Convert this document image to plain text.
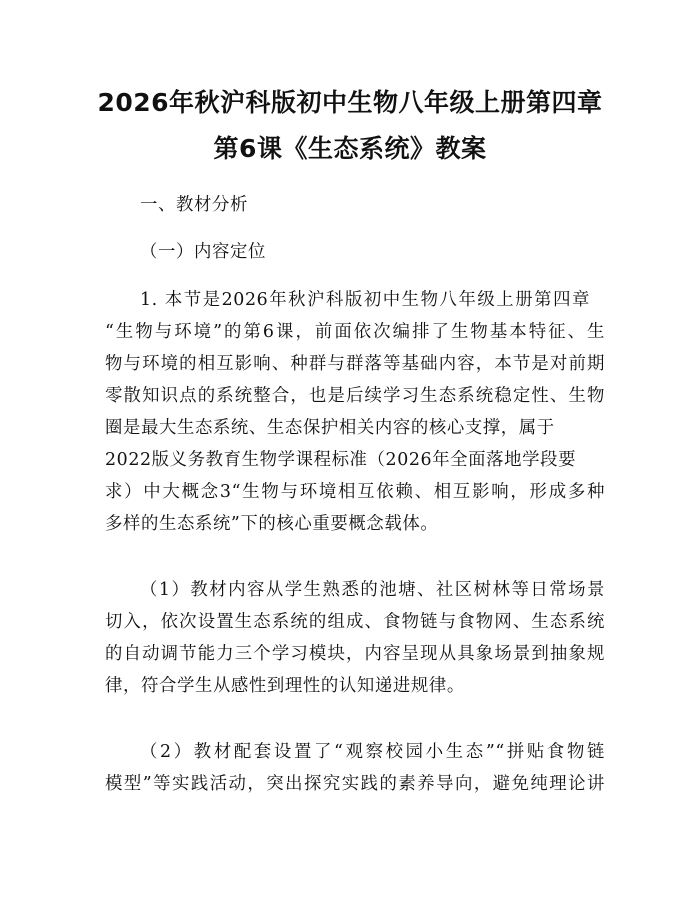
2026年秋沪科版初中生物八年级上册第四章
第6课《生态系统》教案
一、教材分析
（一）内容定位
1. 本节是2026年秋沪科版初中生物八年级上册第四章
“生物与环境”的第6课，前面依次编排了生物基本特征、生
物与环境的相互影响、种群与群落等基础内容，本节是对前期
零散知识点的系统整合，也是后续学习生态系统稳定性、生物
圈是最大生态系统、生态保护相关内容的核心支撑，属于
2022版义务教育生物学课程标准（2026年全面落地学段要
求）中大概念3“生物与环境相互依赖、相互影响，形成多种
多样的生态系统”下的核心重要概念载体。
（1）教材内容从学生熟悉的池塘、社区树林等日常场景
切入，依次设置生态系统的组成、食物链与食物网、生态系统
的自动调节能力三个学习模块，内容呈现从具象场景到抽象规
律，符合学生从感性到理性的认知递进规律。
（2）教材配套设置了“观察校园小生态”“拼贴食物链
模型”等实践活动，突出探究实践的素养导向，避免纯理论讲
